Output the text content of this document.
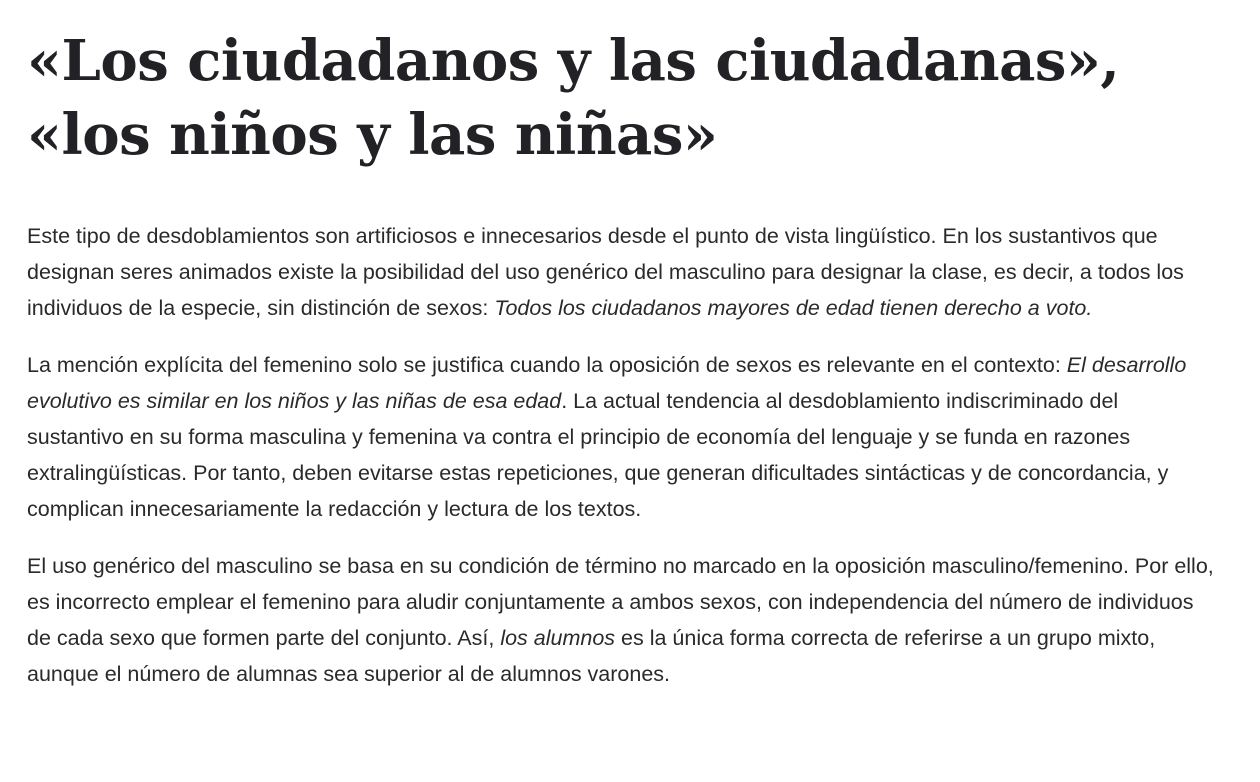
«Los ciudadanos y las ciudadanas»,
«los niños y las niñas»

Este tipo de desdoblamientos son artificiosos e innecesarios desde el punto de vista lingüístico. En los sustantivos que designan seres animados existe la posibilidad del uso genérico del masculino para designar la clase, es decir, a todos los individuos de la especie, sin distinción de sexos: Todos los ciudadanos mayores de edad tienen derecho a voto.

La mención explícita del femenino solo se justifica cuando la oposición de sexos es relevante en el contexto: El desarrollo evolutivo es similar en los niños y las niñas de esa edad. La actual tendencia al desdoblamiento indiscriminado del sustantivo en su forma masculina y femenina va contra el principio de economía del lenguaje y se funda en razones extralingüísticas. Por tanto, deben evitarse estas repeticiones, que generan dificultades sintácticas y de concordancia, y complican innecesariamente la redacción y lectura de los textos.

El uso genérico del masculino se basa en su condición de término no marcado en la oposición masculino/femenino. Por ello, es incorrecto emplear el femenino para aludir conjuntamente a ambos sexos, con independencia del número de individuos de cada sexo que formen parte del conjunto. Así, los alumnos es la única forma correcta de referirse a un grupo mixto, aunque el número de alumnas sea superior al de alumnos varones.
